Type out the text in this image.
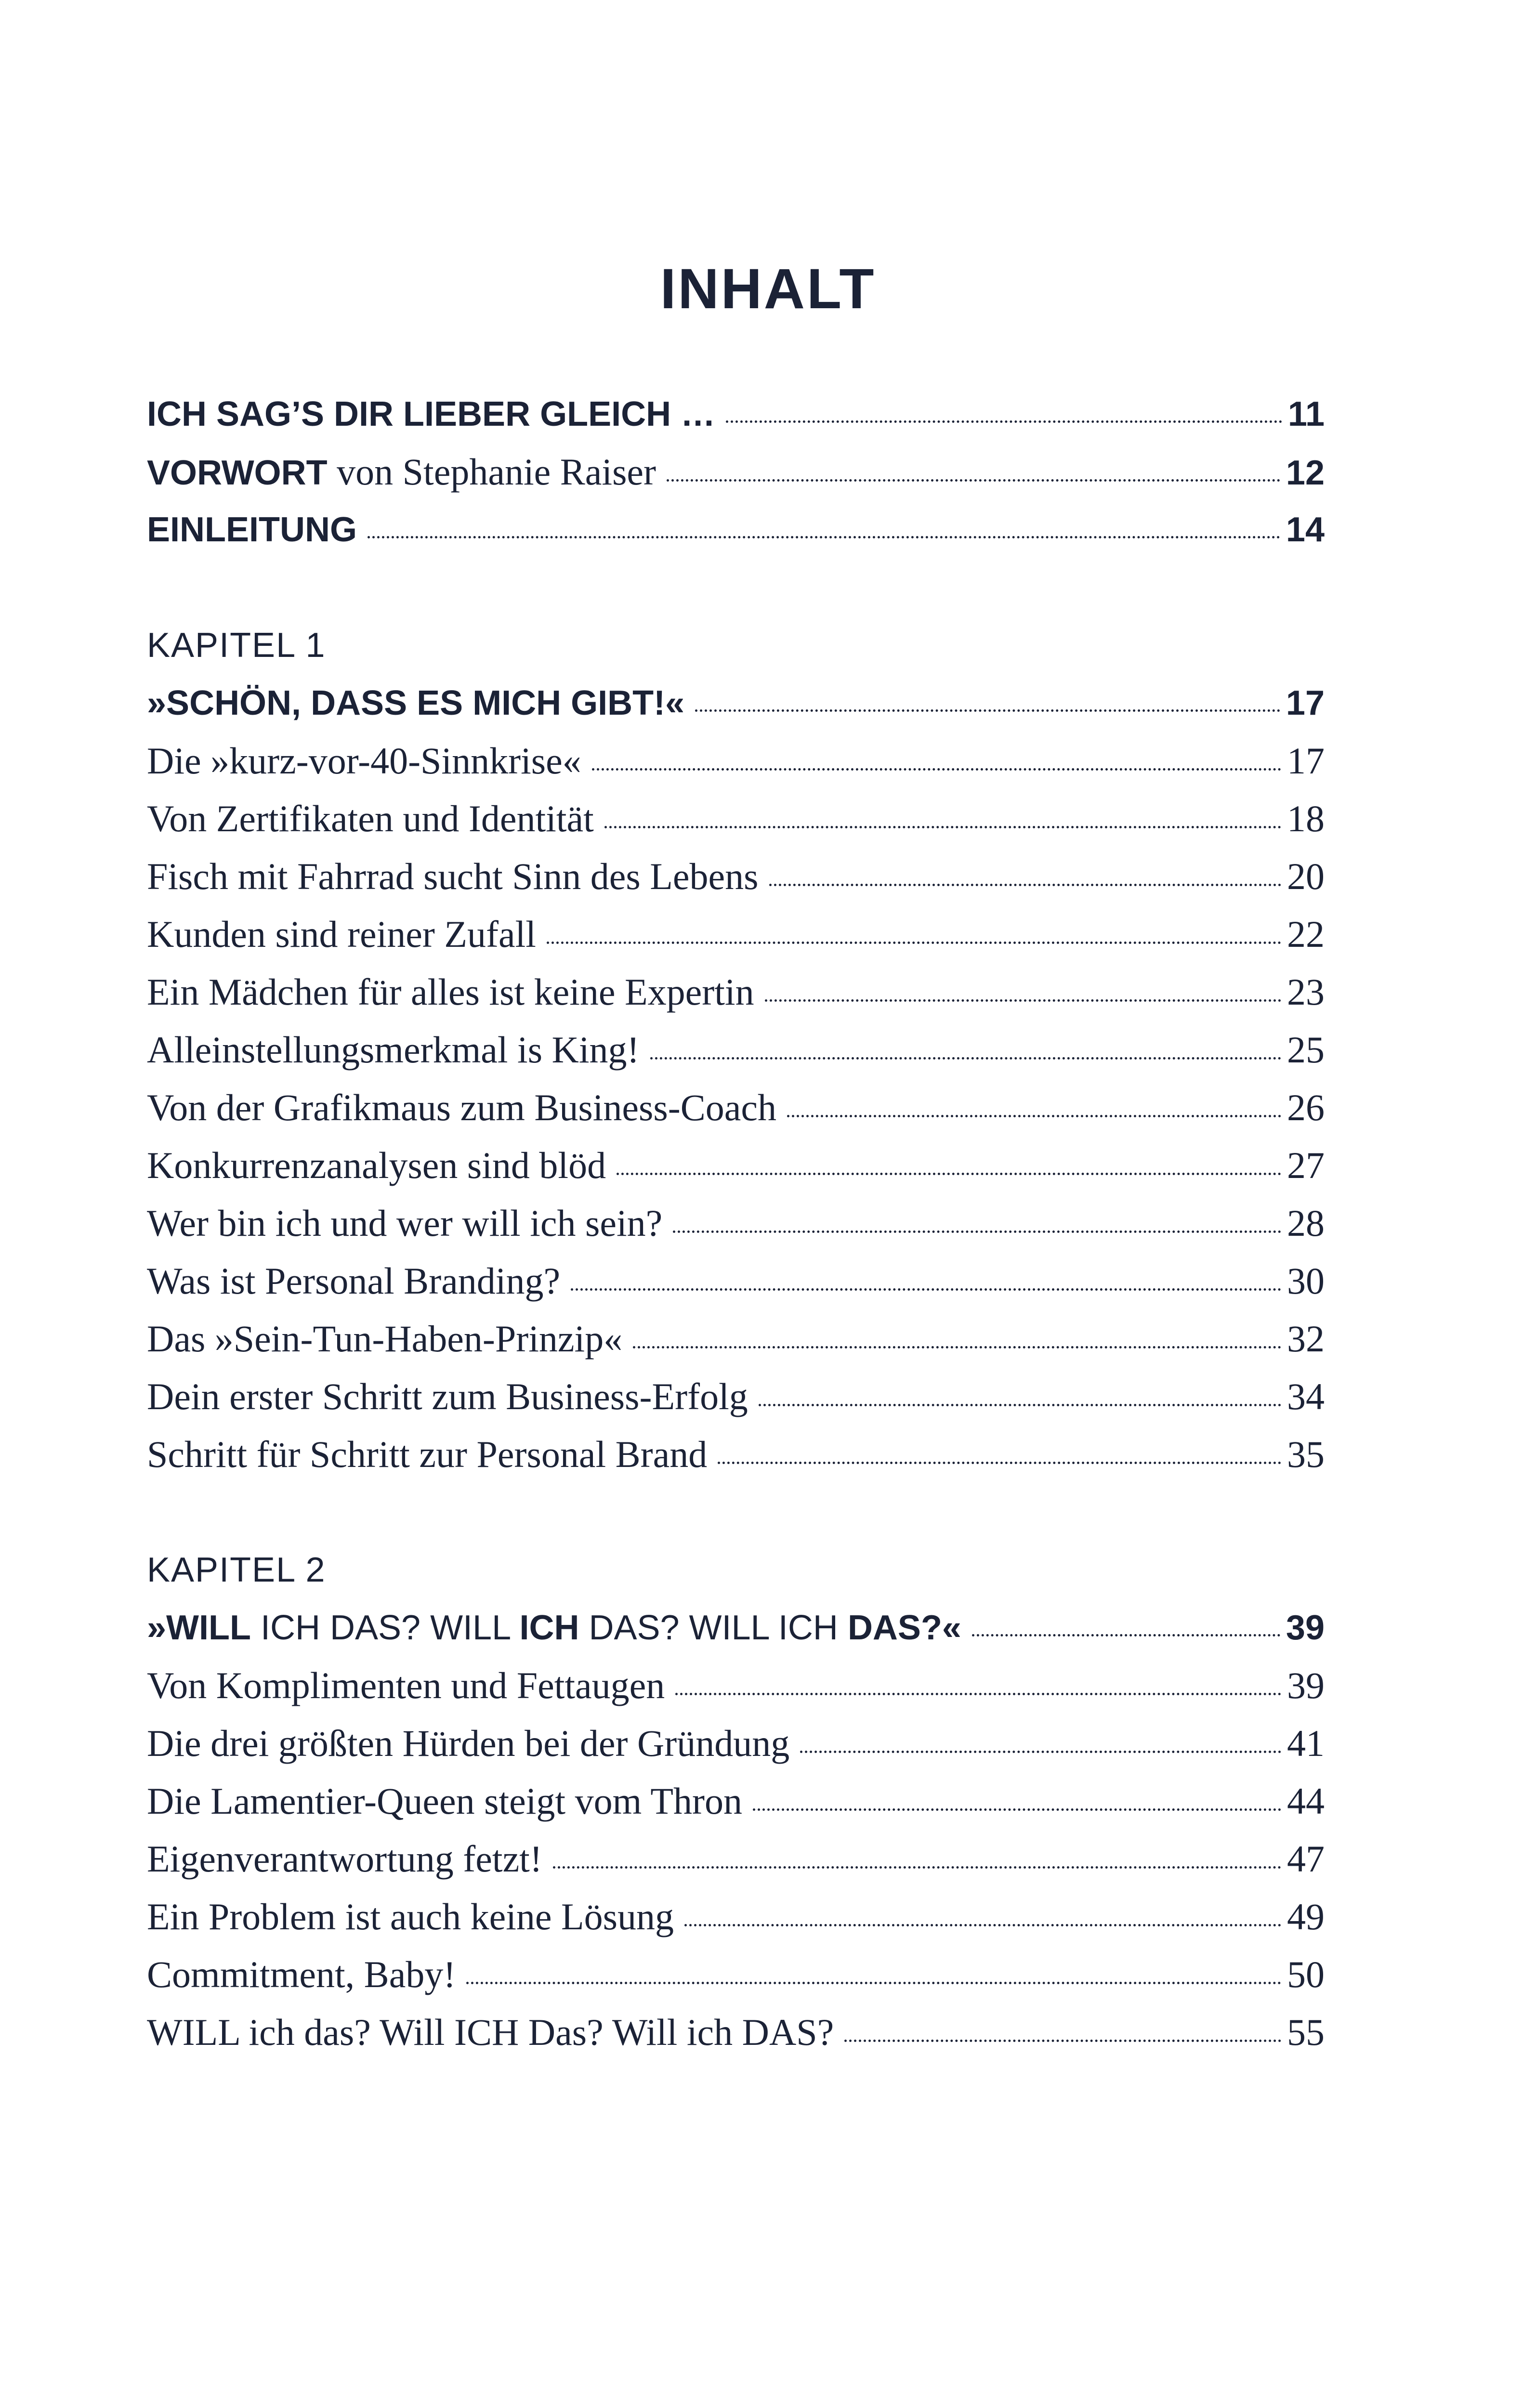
INHALT
ICH SAG’S DIR LIEBER GLEICH …	11
VORWORT von Stephanie Raiser	12
EINLEITUNG	14
KAPITEL 1
»SCHÖN, DASS ES MICH GIBT!«	17
Die »kurz-vor-40-Sinnkrise«	17
Von Zertifikaten und Identität	18
Fisch mit Fahrrad sucht Sinn des Lebens	20
Kunden sind reiner Zufall	22
Ein Mädchen für alles ist keine Expertin	23
Alleinstellungsmerkmal is King!	25
Von der Grafikmaus zum Business-Coach	26
Konkurrenzanalysen sind blöd	27
Wer bin ich und wer will ich sein?	28
Was ist Personal Branding?	30
Das »Sein-Tun-Haben-Prinzip«	32
Dein erster Schritt zum Business-Erfolg	34
Schritt für Schritt zur Personal Brand	35
KAPITEL 2
»WILL ICH DAS? WILL ICH DAS? WILL ICH DAS?«	39
Von Komplimenten und Fettaugen	39
Die drei größten Hürden bei der Gründung	41
Die Lamentier-Queen steigt vom Thron	44
Eigenverantwortung fetzt!	47
Ein Problem ist auch keine Lösung	49
Commitment, Baby!	50
WILL ich das? Will ICH Das? Will ich DAS?	55
